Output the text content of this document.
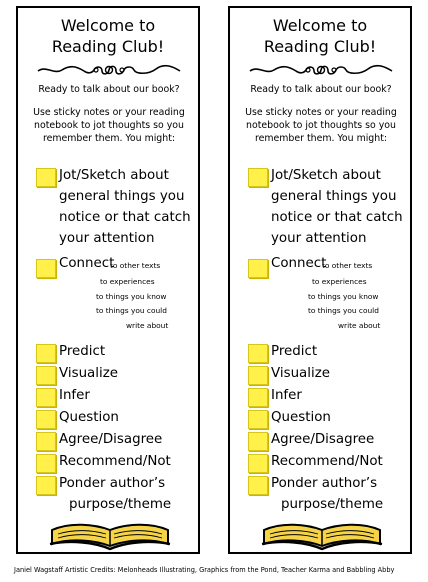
Welcome to
Reading Club!
Ready to talk about our book?
Use sticky notes or your reading
notebook to jot thoughts so you
remember them. You might:
Jot/Sketch about
general things you
notice or that catch
your attention
Connect
to other texts
to experiences
to things you know
to things you could
write about
Predict
Visualize
Infer
Question
Agree/Disagree
Recommend/Not
Ponder author’s
purpose/theme
Welcome to
Reading Club!
Ready to talk about our book?
Use sticky notes or your reading
notebook to jot thoughts so you
remember them. You might:
Jot/Sketch about
general things you
notice or that catch
your attention
Connect
to other texts
to experiences
to things you know
to things you could
write about
Predict
Visualize
Infer
Question
Agree/Disagree
Recommend/Not
Ponder author’s
purpose/theme
Janiel Wagstaff Artistic Credits: Melonheads Illustrating, Graphics from the Pond, Teacher Karma and Babbling Abby
